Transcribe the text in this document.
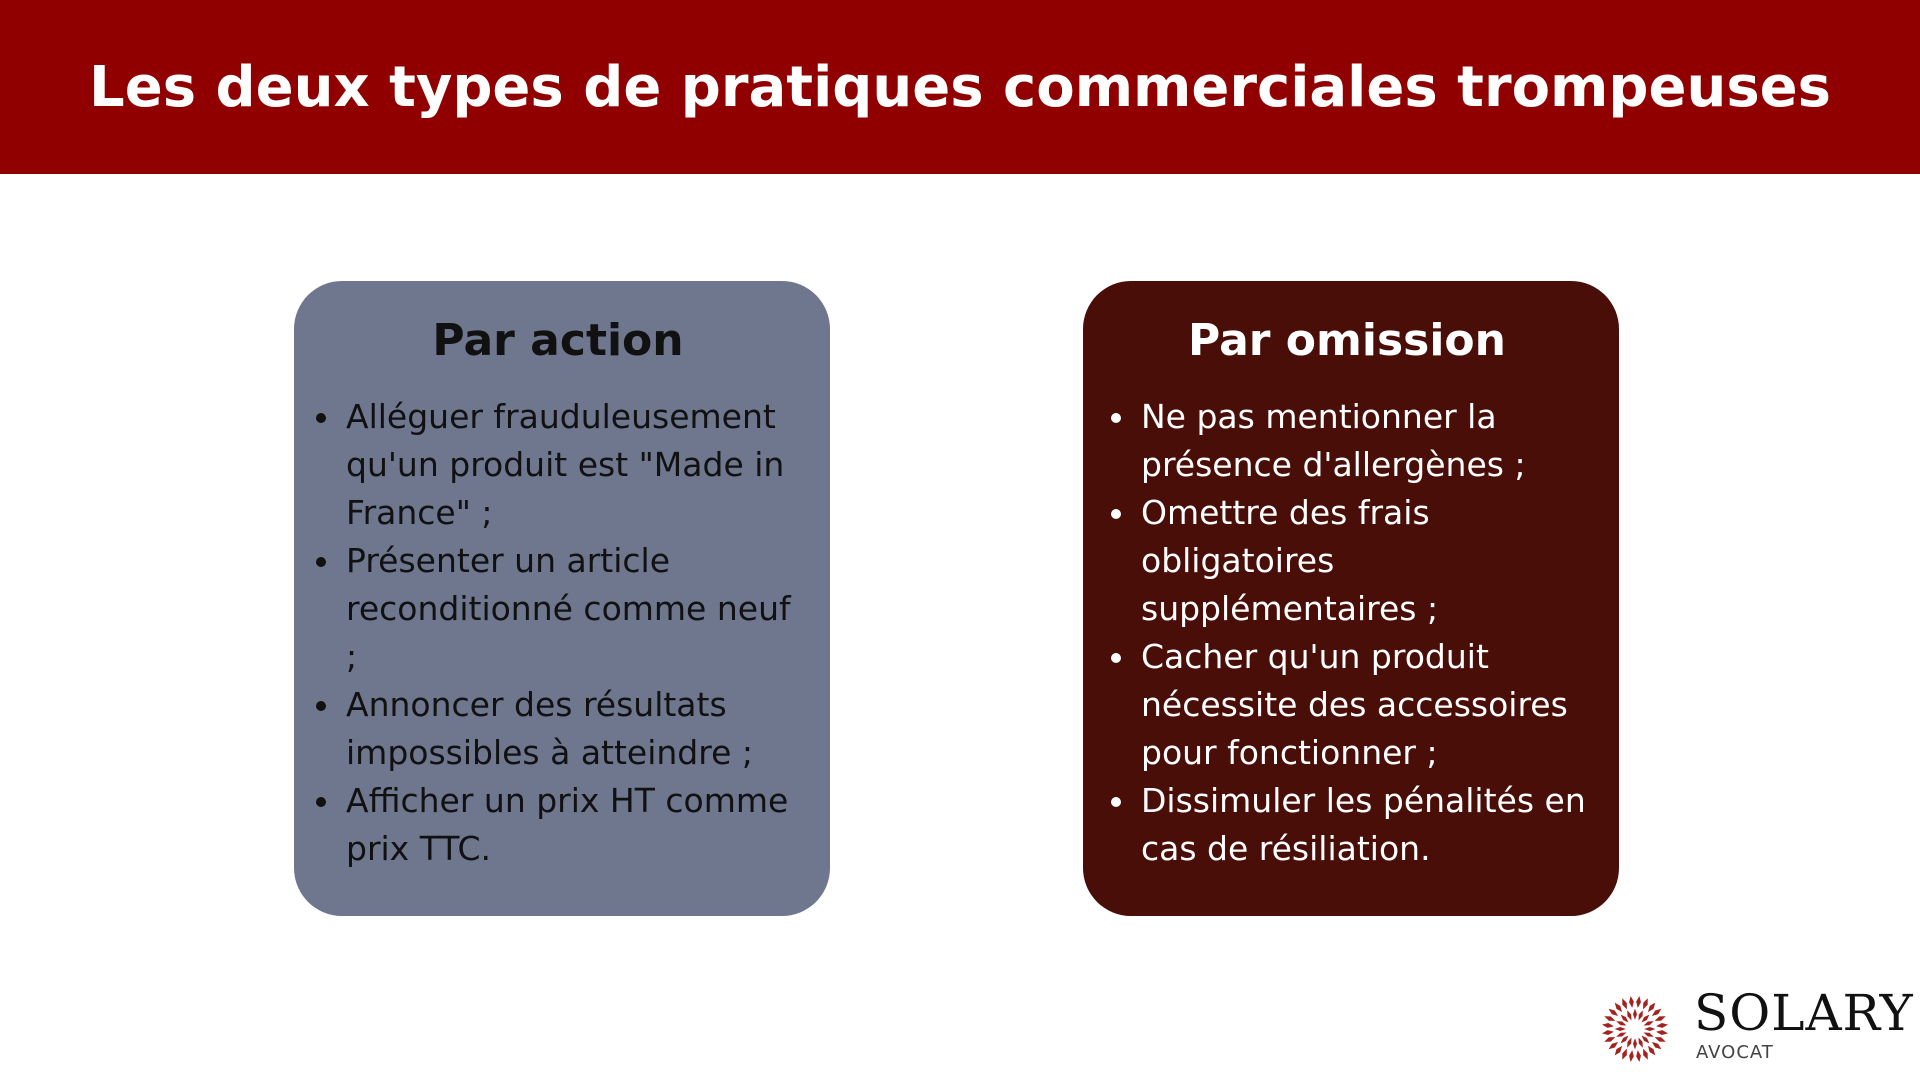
Les deux types de pratiques commerciales trompeuses
Par action
Alléguer frauduleusement qu'un produit est "Made in France" ;
Présenter un article reconditionné comme neuf ;
Annoncer des résultats impossibles à atteindre ;
Afficher un prix HT comme prix TTC.
Par omission
Ne pas mentionner la présence d'allergènes ;
Omettre des frais obligatoires supplémentaires ;
Cacher qu'un produit nécessite des accessoires pour fonctionner ;
Dissimuler les pénalités en cas de résiliation.
SOLARY
AVOCAT
